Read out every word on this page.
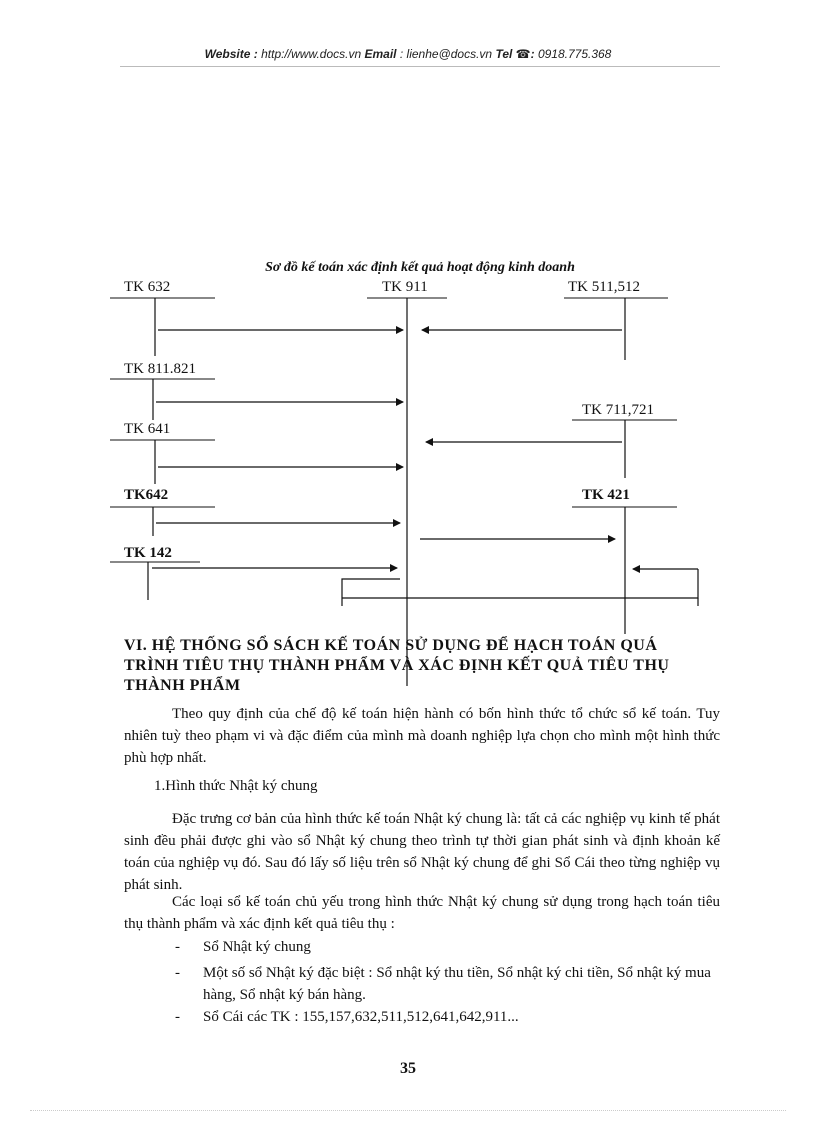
Website : http://www.docs.vn Email : lienhe@docs.vn Tel ☎: 0918.775.368
Sơ đồ kế toán xác định kết quả hoạt động kinh doanh
TK 632	TK 911	TK 511,512
TK 811.821
TK 711,721
TK 641
TK642	TK 421
TK 142
VI. HỆ THỐNG SỔ SÁCH KẾ TOÁN SỬ DỤNG ĐỂ HẠCH TOÁN QUÁ
TRÌNH TIÊU THỤ THÀNH PHẨM VÀ XÁC ĐỊNH KẾT QUẢ TIÊU THỤ
THÀNH PHẨM
Theo quy định của chế độ kế toán hiện hành có bốn hình thức tổ chức sổ kế toán. Tuy nhiên tuỳ theo phạm vi và đặc điểm của mình mà doanh nghiệp lựa chọn cho mình một hình thức phù hợp nhất.
1.Hình thức Nhật ký chung
Đặc trưng cơ bản của hình thức kế toán Nhật ký chung là: tất cả các nghiệp vụ kinh tế phát sinh đều phải được ghi vào sổ Nhật ký chung theo trình tự thời gian phát sinh và định khoản kế toán của nghiệp vụ đó. Sau đó lấy số liệu trên sổ Nhật ký chung để ghi Sổ Cái theo từng nghiệp vụ phát sinh.
Các loại sổ kế toán chủ yếu trong hình thức Nhật ký chung sử dụng trong hạch toán tiêu thụ thành phẩm và xác định kết quả tiêu thụ :
- Sổ Nhật ký chung
- Một số sổ Nhật ký đặc biệt : Sổ nhật ký thu tiền, Sổ nhật ký chi tiền, Sổ nhật ký mua hàng, Sổ nhật ký bán hàng.
- Sổ Cái các TK : 155,157,632,511,512,641,642,911...
35
